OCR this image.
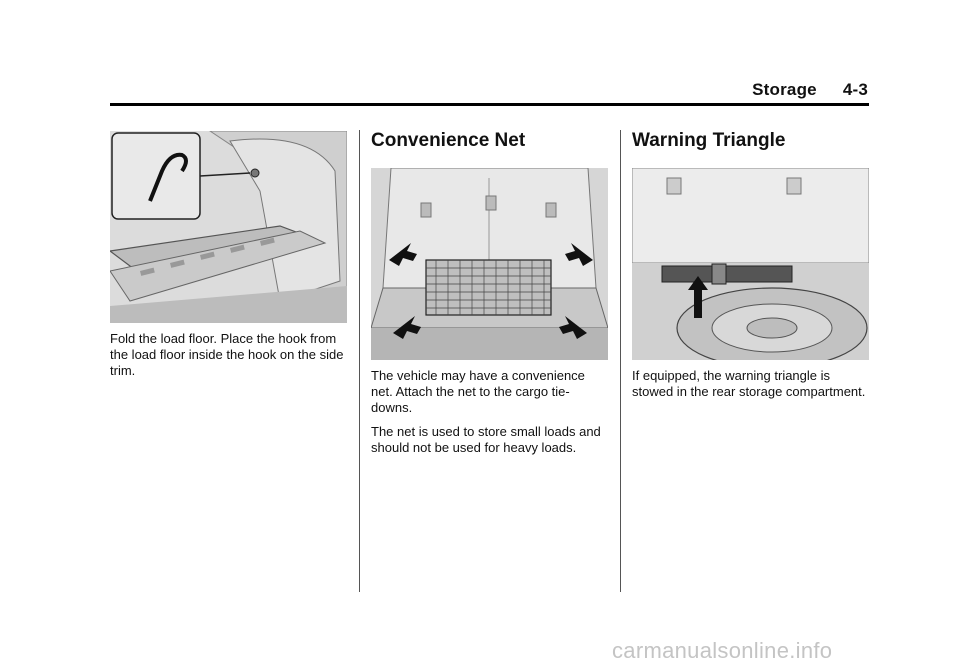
Storage 4-3

Fold the load floor. Place the hook from the load floor inside the hook on the side trim.

Convenience Net

The vehicle may have a convenience net. Attach the net to the cargo tie-downs.

The net is used to store small loads and should not be used for heavy loads.

Warning Triangle

If equipped, the warning triangle is stowed in the rear storage compartment.

carmanualsonline.info
